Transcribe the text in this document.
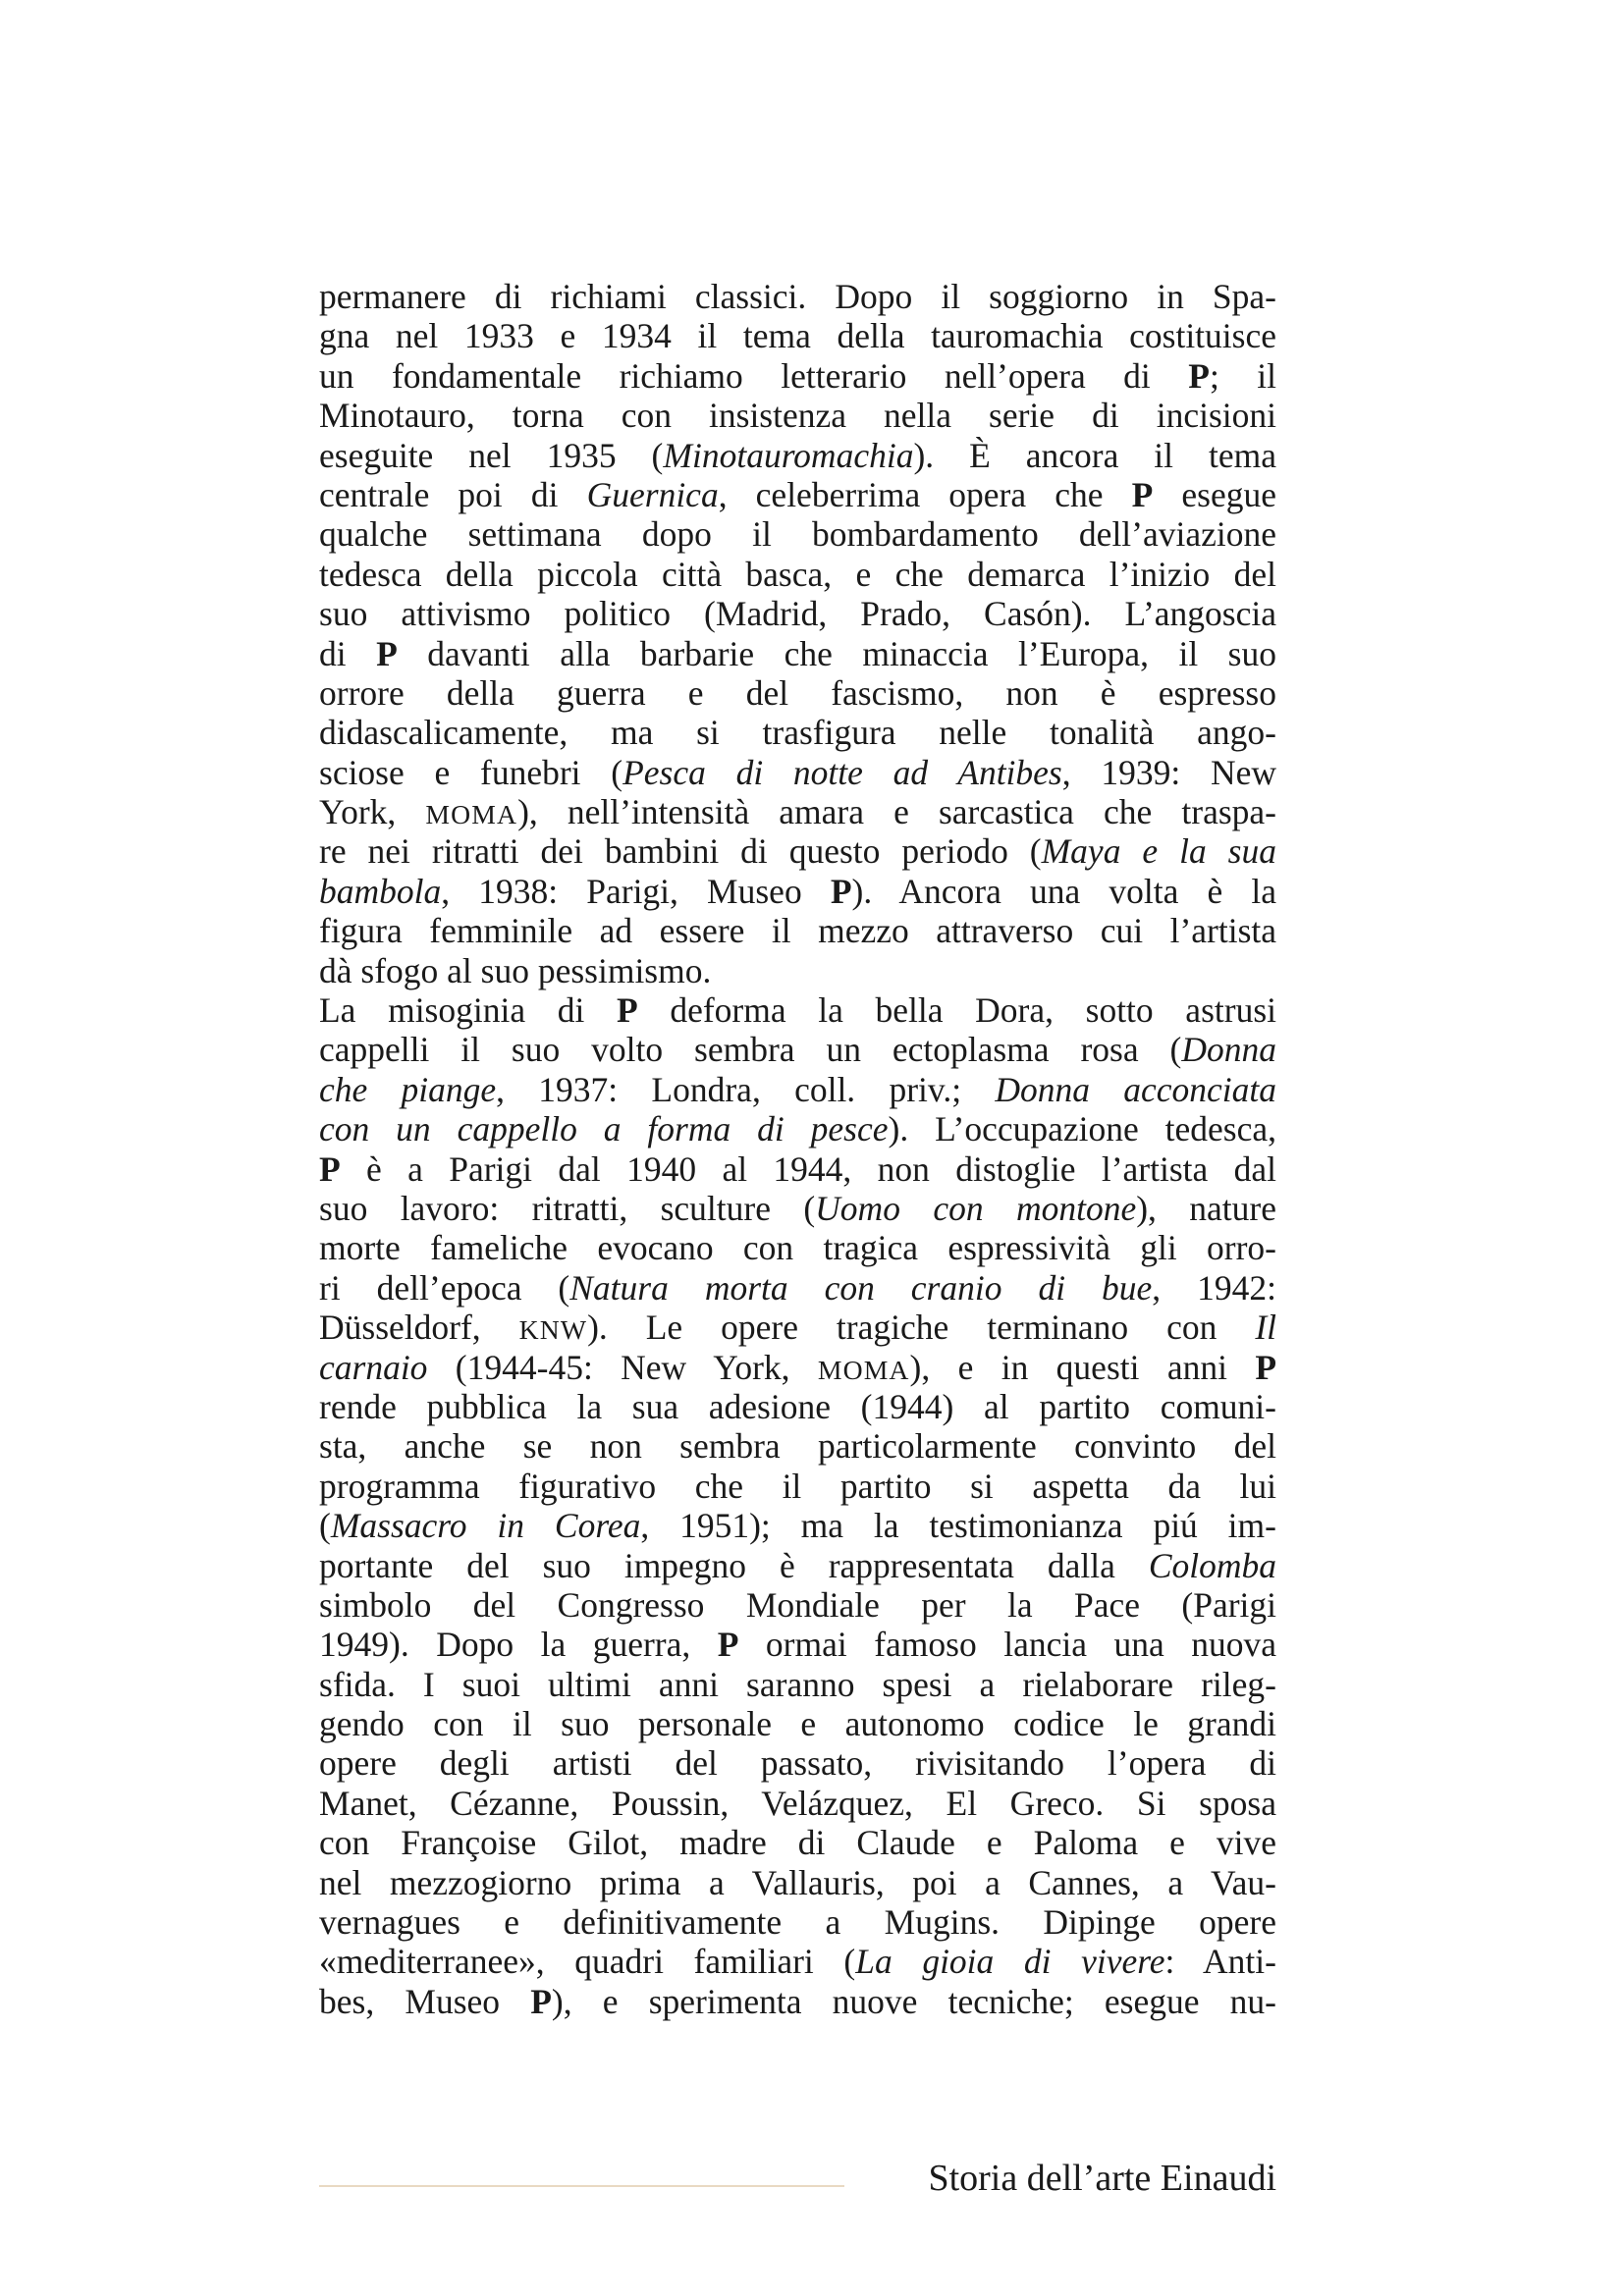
permanere di richiami classici. Dopo il soggiorno in Spa-
gna nel 1933 e 1934 il tema della tauromachia costituisce
un fondamentale richiamo letterario nell’opera di P; il
Minotauro, torna con insistenza nella serie di incisioni
eseguite nel 1935 (Minotauromachia). È ancora il tema
centrale poi di Guernica, celeberrima opera che P esegue
qualche settimana dopo il bombardamento dell’aviazione
tedesca della piccola città basca, e che demarca l’inizio del
suo attivismo politico (Madrid, Prado, Casón). L’angoscia
di P davanti alla barbarie che minaccia l’Europa, il suo
orrore della guerra e del fascismo, non è espresso
didascalicamente, ma si trasfigura nelle tonalità ango-
sciose e funebri (Pesca di notte ad Antibes, 1939: New
York, MOMA), nell’intensità amara e sarcastica che traspa-
re nei ritratti dei bambini di questo periodo (Maya e la sua
bambola, 1938: Parigi, Museo P). Ancora una volta è la
figura femminile ad essere il mezzo attraverso cui l’artista
dà sfogo al suo pessimismo.
La misoginia di P deforma la bella Dora, sotto astrusi
cappelli il suo volto sembra un ectoplasma rosa (Donna
che piange, 1937: Londra, coll. priv.; Donna acconciata
con un cappello a forma di pesce). L’occupazione tedesca,
P è a Parigi dal 1940 al 1944, non distoglie l’artista dal
suo lavoro: ritratti, sculture (Uomo con montone), nature
morte fameliche evocano con tragica espressività gli orro-
ri dell’epoca (Natura morta con cranio di bue, 1942:
Düsseldorf, KNW). Le opere tragiche terminano con Il
carnaio (1944-45: New York, MOMA), e in questi anni P
rende pubblica la sua adesione (1944) al partito comuni-
sta, anche se non sembra particolarmente convinto del
programma figurativo che il partito si aspetta da lui
(Massacro in Corea, 1951); ma la testimonianza piú im-
portante del suo impegno è rappresentata dalla Colomba
simbolo del Congresso Mondiale per la Pace (Parigi
1949). Dopo la guerra, P ormai famoso lancia una nuova
sfida. I suoi ultimi anni saranno spesi a rielaborare rileg-
gendo con il suo personale e autonomo codice le grandi
opere degli artisti del passato, rivisitando l’opera di
Manet, Cézanne, Poussin, Velázquez, El Greco. Si sposa
con Françoise Gilot, madre di Claude e Paloma e vive
nel mezzogiorno prima a Vallauris, poi a Cannes, a Vau-
vernagues e definitivamente a Mugins. Dipinge opere
«mediterranee», quadri familiari (La gioia di vivere: Anti-
bes, Museo P), e sperimenta nuove tecniche; esegue nu-
Storia dell’arte Einaudi
